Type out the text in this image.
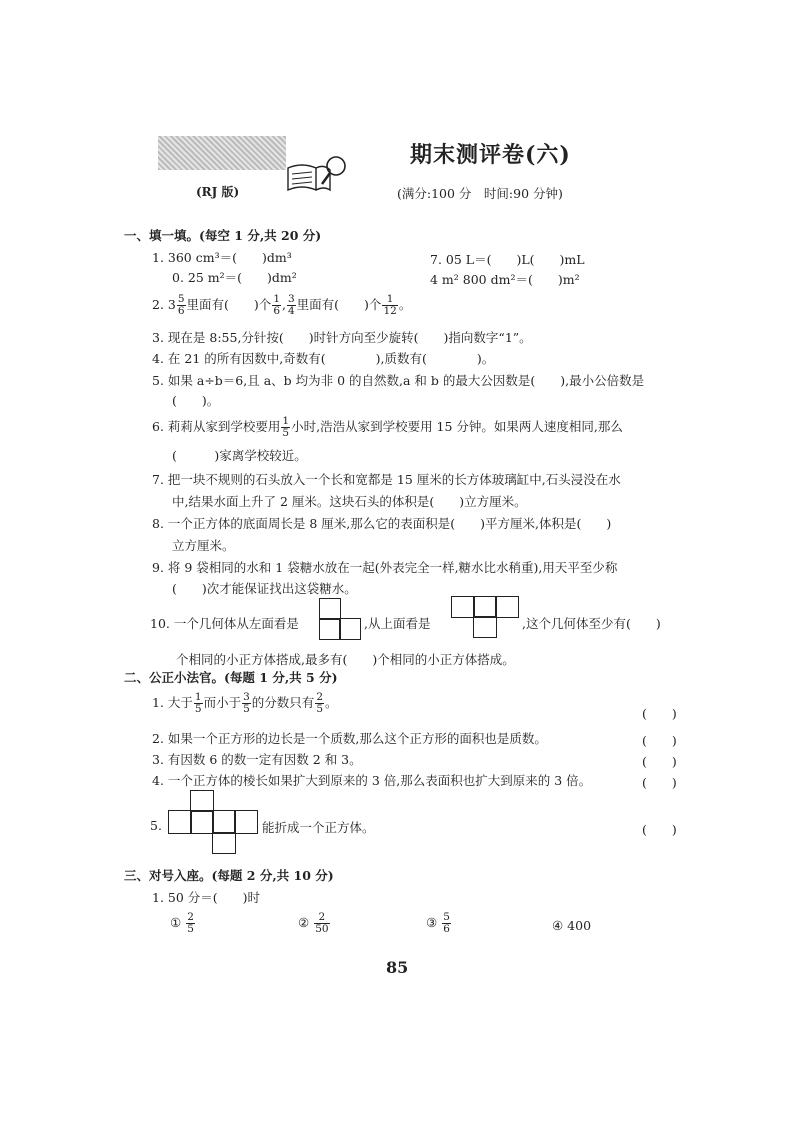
期末测评卷(六)
(RJ 版)	(满分:100 分　时间:90 分钟)
一、填一填。(每空 1 分,共 20 分)
1. 360 cm³＝(　　)dm³	7. 05 L＝(　　)L(　　)mL
0. 25 m²＝(　　)dm²	4 m² 800 dm²＝(　　)m²
2. $3 \frac{5}{6}$ 里面有(　　)个 $\frac{1}{6}$ , $\frac{3}{4}$ 里面有(　　)个 $\frac{1}{12}$ 。
3. 现在是 8:55,分针按(　　)时针方向至少旋转(　　)指向数字“1”。
4. 在 21 的所有因数中,奇数有(　　　　),质数有(　　　　)。
5. 如果 a÷b＝6,且 a、b 均为非 0 的自然数,a 和 b 的最大公因数是(　　),最小公倍数是
(　　)。
6. 莉莉从家到学校要用 $\frac{1}{5}$ 小时,浩浩从家到学校要用 15 分钟。如果两人速度相同,那么
(　　　)家离学校较近。
7. 把一块不规则的石头放入一个长和宽都是 15 厘米的长方体玻璃缸中,石头浸没在水
中,结果水面上升了 2 厘米。这块石头的体积是(　　)立方厘米。
8. 一个正方体的底面周长是 8 厘米,那么它的表面积是(　　)平方厘米,体积是(　　)
立方厘米。
9. 将 9 袋相同的水和 1 袋糖水放在一起(外表完全一样,糖水比水稍重),用天平至少称
(　　)次才能保证找出这袋糖水。
10. 一个几何体从左面看是	,从上面看是	,这个几何体至少有(　　)
个相同的小正方体搭成,最多有(　　)个相同的小正方体搭成。
二、公正小法官。(每题 1 分,共 5 分)
1. 大于 $\frac{1}{5}$ 而小于 $\frac{3}{5}$ 的分数只有 $\frac{2}{5}$ 。
(　　)
2. 如果一个正方形的边长是一个质数,那么这个正方形的面积也是质数。	(　　)
3. 有因数 6 的数一定有因数 2 和 3。	(　　)
4. 一个正方体的棱长如果扩大到原来的 3 倍,那么表面积也扩大到原来的 3 倍。	(　　)
5.	能折成一个正方体。	(　　)
三、对号入座。(每题 2 分,共 10 分)
1. 50 分＝(　　)时
① $\frac{2}{5}$	② $\frac{2}{50}$	③ $\frac{5}{6}$	④ 400
85
